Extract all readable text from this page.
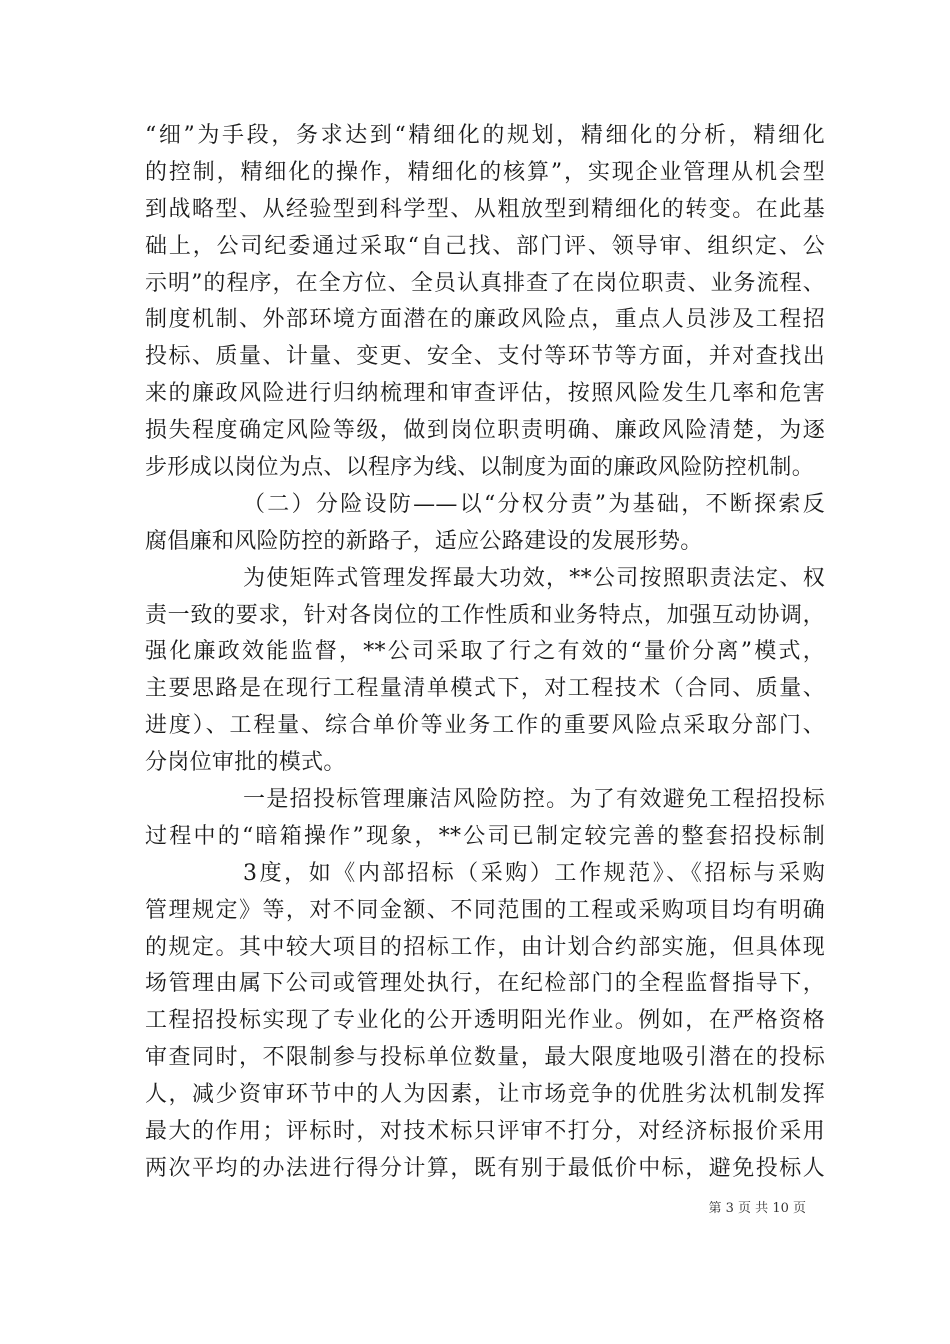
“细”为手段，务求达到“精细化的规划，精细化的分析，精细化
的控制，精细化的操作，精细化的核算”，实现企业管理从机会型
到战略型、从经验型到科学型、从粗放型到精细化的转变。在此基
础上，公司纪委通过采取“自己找、部门评、领导审、组织定、公
示明”的程序，在全方位、全员认真排查了在岗位职责、业务流程、
制度机制、外部环境方面潜在的廉政风险点，重点人员涉及工程招
投标、质量、计量、变更、安全、支付等环节等方面，并对查找出
来的廉政风险进行归纳梳理和审查评估，按照风险发生几率和危害
损失程度确定风险等级，做到岗位职责明确、廉政风险清楚，为逐
步形成以岗位为点、以程序为线、以制度为面的廉政风险防控机制。
（二）分险设防——以“分权分责”为基础，不断探索反
腐倡廉和风险防控的新路子，适应公路建设的发展形势。
为使矩阵式管理发挥最大功效，**公司按照职责法定、权
责一致的要求，针对各岗位的工作性质和业务特点，加强互动协调，
强化廉政效能监督，**公司采取了行之有效的“量价分离”模式，
主要思路是在现行工程量清单模式下，对工程技术（合同、质量、
进度）、工程量、综合单价等业务工作的重要风险点采取分部门、
分岗位审批的模式。
一是招投标管理廉洁风险防控。为了有效避免工程招投标
过程中的“暗箱操作”现象，**公司已制定较完善的整套招投标制
3度，如《内部招标（采购）工作规范》、《招标与采购
管理规定》等，对不同金额、不同范围的工程或采购项目均有明确
的规定。其中较大项目的招标工作，由计划合约部实施，但具体现
场管理由属下公司或管理处执行，在纪检部门的全程监督指导下，
工程招投标实现了专业化的公开透明阳光作业。例如，在严格资格
审查同时，不限制参与投标单位数量，最大限度地吸引潜在的投标
人，减少资审环节中的人为因素，让市场竞争的优胜劣汰机制发挥
最大的作用；评标时，对技术标只评审不打分，对经济标报价采用
两次平均的办法进行得分计算，既有别于最低价中标，避免投标人
第 3 页 共 10 页
